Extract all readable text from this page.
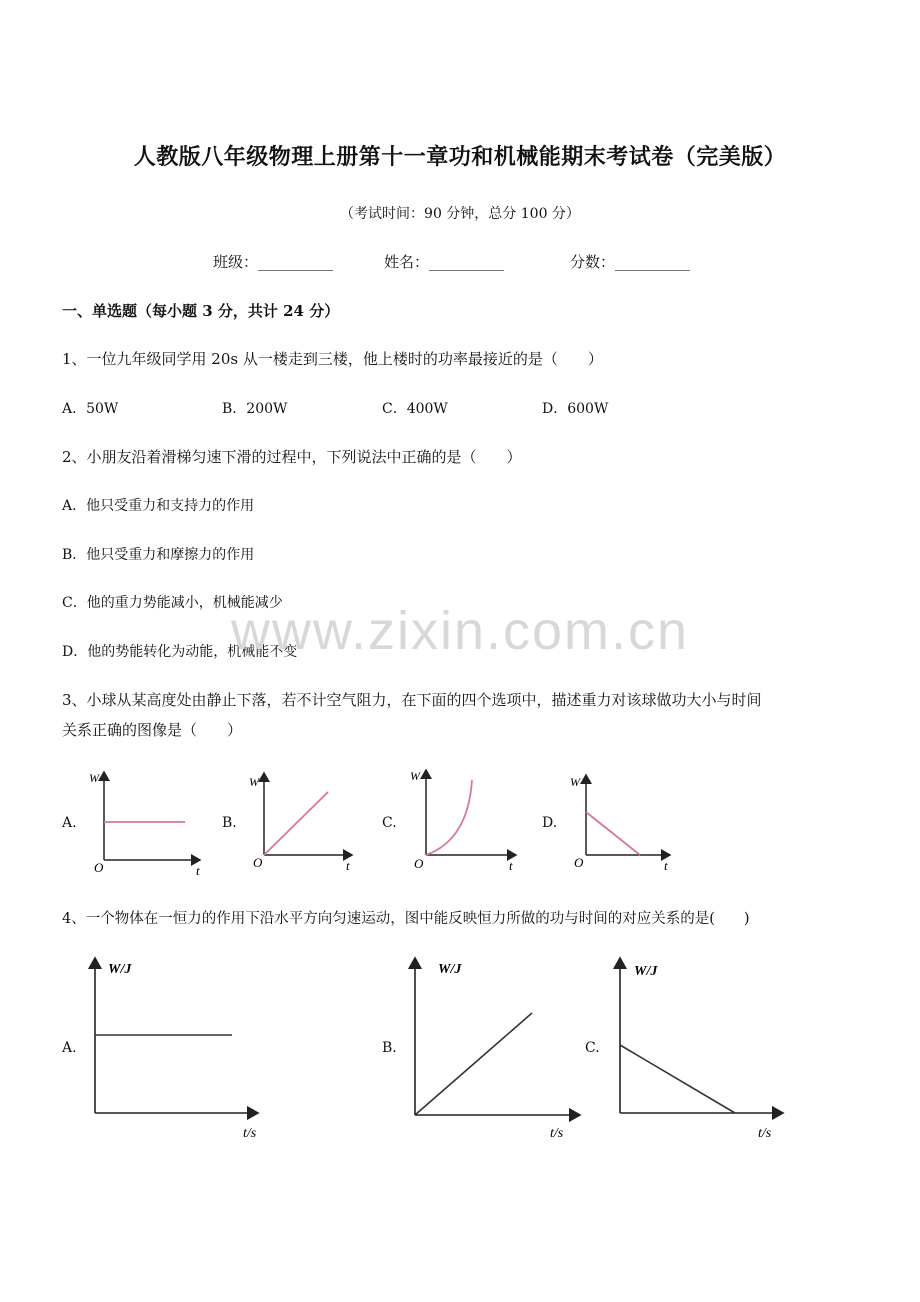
人教版八年级物理上册第十一章功和机械能期末考试卷（完美版）
（考试时间：90 分钟，总分 100 分）
班级：__________	姓名：__________	分数：__________
一、单选题（每小题 3 分，共计 24 分）
1、一位九年级同学用 20s 从一楼走到三楼，他上楼时的功率最接近的是（　　）
A．50W	B．200W	C．400W	D．600W
2、小朋友沿着滑梯匀速下滑的过程中，下列说法中正确的是（　　）
A．他只受重力和支持力的作用
B．他只受重力和摩擦力的作用
C．他的重力势能减小，机械能减少
D．他的势能转化为动能，机械能不变
www.zixin.com.cn
3、小球从某高度处由静止下落，若不计空气阻力，在下面的四个选项中，描述重力对该球做功大小与时间
关系正确的图像是（　　）
A.	B.	C.	D.
W
O	t
W
O	t
W
O	t
W
O	t
4、一个物体在一恒力的作用下沿水平方向匀速运动，图中能反映恒力所做的功与时间的对应关系的是(　　)
A.	B.	C.
W/J
t/s
W/J
t/s
W/J
t/s
